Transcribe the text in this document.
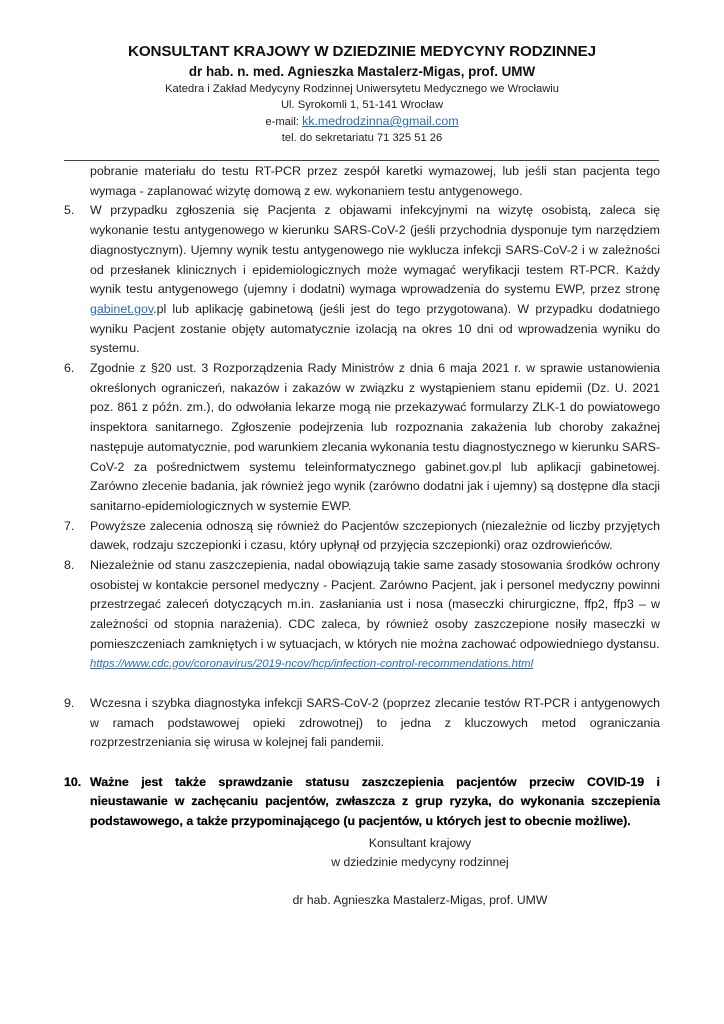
KONSULTANT KRAJOWY W DZIEDZINIE MEDYCYNY RODZINNEJ
dr hab. n. med. Agnieszka Mastalerz-Migas, prof. UMW
Katedra i Zakład Medycyny Rodzinnej Uniwersytetu Medycznego we Wrocławiu
Ul. Syrokomli 1, 51-141 Wrocław
e-mail: kk.medrodzinna@gmail.com
tel. do sekretariatu 71 325 51 26
pobranie materiału do testu RT-PCR przez zespół karetki wymazowej, lub jeśli stan pacjenta tego wymaga - zaplanować wizytę domową z ew. wykonaniem testu antygenowego.
5. W przypadku zgłoszenia się Pacjenta z objawami infekcyjnymi na wizytę osobistą, zaleca się wykonanie testu antygenowego w kierunku SARS-CoV-2 (jeśli przychodnia dysponuje tym narzędziem diagnostycznym). Ujemny wynik testu antygenowego nie wyklucza infekcji SARS-CoV-2 i w zależności od przesłanek klinicznych i epidemiologicznych może wymagać weryfikacji testem RT-PCR. Każdy wynik testu antygenowego (ujemny i dodatni) wymaga wprowadzenia do systemu EWP, przez stronę gabinet.gov.pl lub aplikację gabinetową (jeśli jest do tego przygotowana). W przypadku dodatniego wyniku Pacjent zostanie objęty automatycznie izolacją na okres 10 dni od wprowadzenia wyniku do systemu.
6. Zgodnie z §20 ust. 3 Rozporządzenia Rady Ministrów z dnia 6 maja 2021 r. w sprawie ustanowienia określonych ograniczeń, nakazów i zakazów w związku z wystąpieniem stanu epidemii (Dz. U. 2021 poz. 861 z późn. zm.), do odwołania lekarze mogą nie przekazywać formularzy ZLK-1 do powiatowego inspektora sanitarnego. Zgłoszenie podejrzenia lub rozpoznania zakażenia lub choroby zakaźnej następuje automatycznie, pod warunkiem zlecania wykonania testu diagnostycznego w kierunku SARS-CoV-2 za pośrednictwem systemu teleinformatycznego gabinet.gov.pl lub aplikacji gabinetowej. Zarówno zlecenie badania, jak również jego wynik (zarówno dodatni jak i ujemny) są dostępne dla stacji sanitarno-epidemiologicznych w systemie EWP.
7. Powyższe zalecenia odnoszą się również do Pacjentów szczepionych (niezależnie od liczby przyjętych dawek, rodzaju szczepionki i czasu, który upłynął od przyjęcia szczepionki) oraz ozdrowieńców.
8. Niezależnie od stanu zaszczepienia, nadal obowiązują takie same zasady stosowania środków ochrony osobistej w kontakcie personel medyczny - Pacjent. Zarówno Pacjent, jak i personel medyczny powinni przestrzegać zaleceń dotyczących m.in. zasłaniania ust i nosa (maseczki chirurgiczne, ffp2, ffp3 – w zależności od stopnia narażenia). CDC zaleca, by również osoby zaszczepione nosiły maseczki w pomieszczeniach zamkniętych i w sytuacjach, w których nie można zachować odpowiedniego dystansu.
https://www.cdc.gov/coronavirus/2019-ncov/hcp/infection-control-recommendations.html
9. Wczesna i szybka diagnostyka infekcji SARS-CoV-2 (poprzez zlecanie testów RT-PCR i antygenowych w ramach podstawowej opieki zdrowotnej) to jedna z kluczowych metod ograniczania rozprzestrzeniania się wirusa w kolejnej fali pandemii.
10. Ważne jest także sprawdzanie statusu zaszczepienia pacjentów przeciw COVID-19 i nieustawanie w zachęcaniu pacjentów, zwłaszcza z grup ryzyka, do wykonania szczepienia podstawowego, a także przypominającego (u pacjentów, u których jest to obecnie możliwe).
Konsultant krajowy
w dziedzinie medycyny rodzinnej
dr hab. Agnieszka Mastalerz-Migas, prof. UMW
